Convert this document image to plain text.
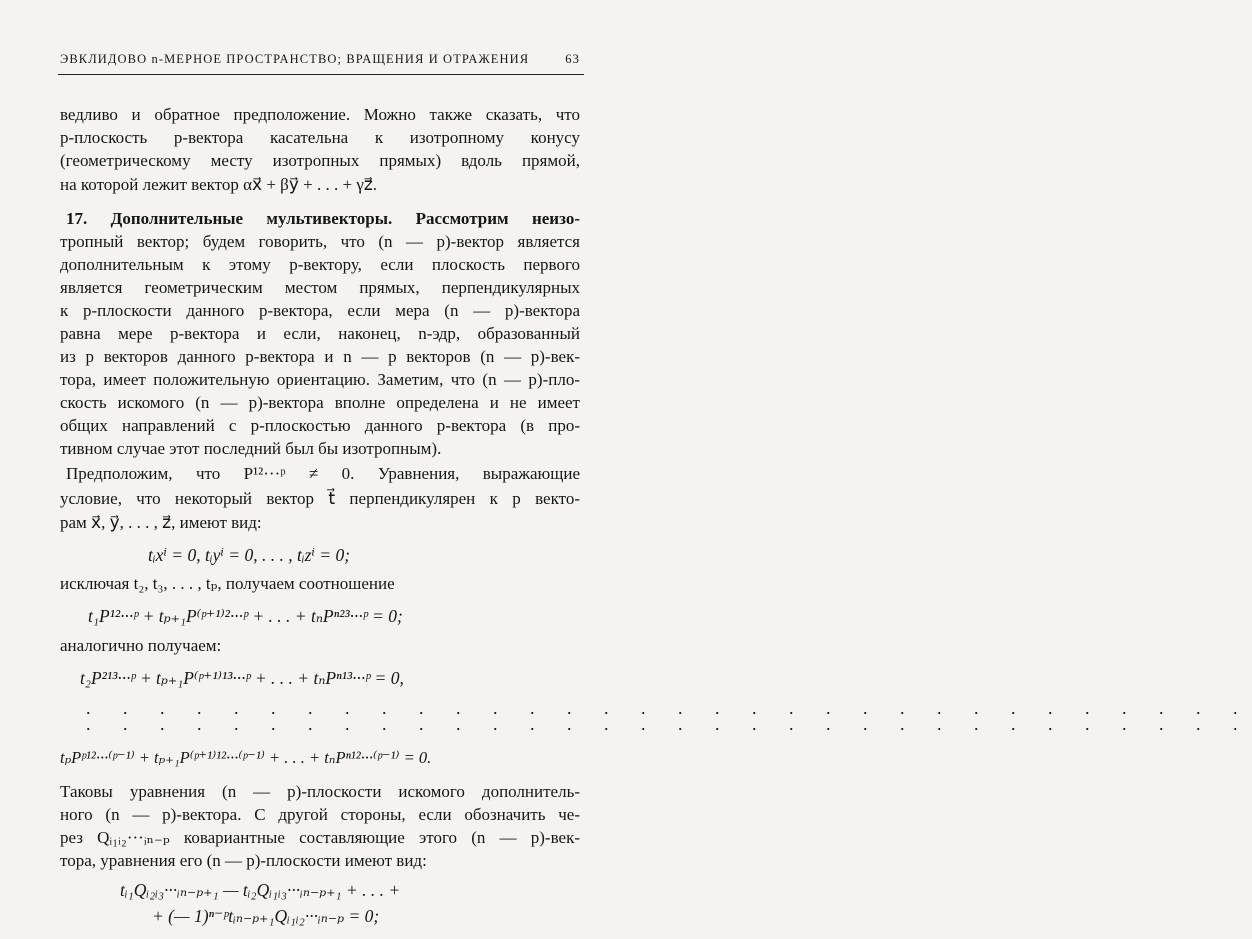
ЭВКЛИДОВО n-МЕРНОЕ ПРОСТРАНСТВО; ВРАЩЕНИЯ И ОТРАЖЕНИЯ	63
ведливо и обратное предположение. Можно также сказать, что
p-плоскость p-вектора касательна к изотропному конусу
(геометрическому месту изотропных прямых) вдоль прямой,
на которой лежит вектор αx⃗ + βy⃗ + . . . + γz⃗.
17. Дополнительные мультивекторы. Рассмотрим неизо-
тропный вектор; будем говорить, что (n — p)-вектор является
дополнительным к этому p-вектору, если плоскость первого
является геометрическим местом прямых, перпендикулярных
к p-плоскости данного p-вектора, если мера (n — p)-вектора
равна мере p-вектора и если, наконец, n-эдр, образованный
из p векторов данного p-вектора и n — p векторов (n — p)-век-
тора, имеет положительную ориентацию. Заметим, что (n — p)-пло-
скость искомого (n — p)-вектора вполне определена и не имеет
общих направлений с p-плоскостью данного p-вектора (в про-
тивном случае этот последний был бы изотропным).
Предположим, что P¹²···ᵖ ≠ 0. Уравнения, выражающие
условие, что некоторый вектор t⃗ перпендикулярен к p векто-
рам x⃗, y⃗, . . . , z⃗, имеют вид:
tᵢxⁱ = 0, tᵢyⁱ = 0, . . . , tᵢzⁱ = 0;
исключая t₂, t₃, . . . , tₚ, получаем соотношение
t₁P¹²···ᵖ + tₚ₊₁P⁽ᵖ⁺¹⁾²···ᵖ + . . . + tₙPⁿ²³···ᵖ = 0;
аналогично получаем:
t₂P²¹³···ᵖ + tₚ₊₁P⁽ᵖ⁺¹⁾¹³···ᵖ + . . . + tₙPⁿ¹³···ᵖ = 0,
. . . . . . . . . . . . . . . . . . . . . . . . . . . . . . . .
. . . . . . . . . . . . . . . . . . . . . . . . . . . . . . . .
tₚPᵖ¹²···⁽ᵖ⁻¹⁾ + tₚ₊₁P⁽ᵖ⁺¹⁾¹²···⁽ᵖ⁻¹⁾ + . . . + tₙPⁿ¹²···⁽ᵖ⁻¹⁾ = 0.
Таковы уравнения (n — p)-плоскости искомого дополнитель-
ного (n — p)-вектора. С другой стороны, если обозначить че-
рез Qᵢ₁ᵢ₂···ᵢₙ₋ₚ ковариантные составляющие этого (n — p)-век-
тора, уравнения его (n — p)-плоскости имеют вид:
tᵢ₁Qᵢ₂ᵢ₃···ᵢₙ₋ₚ₊₁ — tᵢ₂Qᵢ₁ᵢ₃···ᵢₙ₋ₚ₊₁ + . . . +
+ (— 1)ⁿ⁻ᵖtᵢₙ₋ₚ₊₁Qᵢ₁ᵢ₂···ᵢₙ₋ₚ = 0;
